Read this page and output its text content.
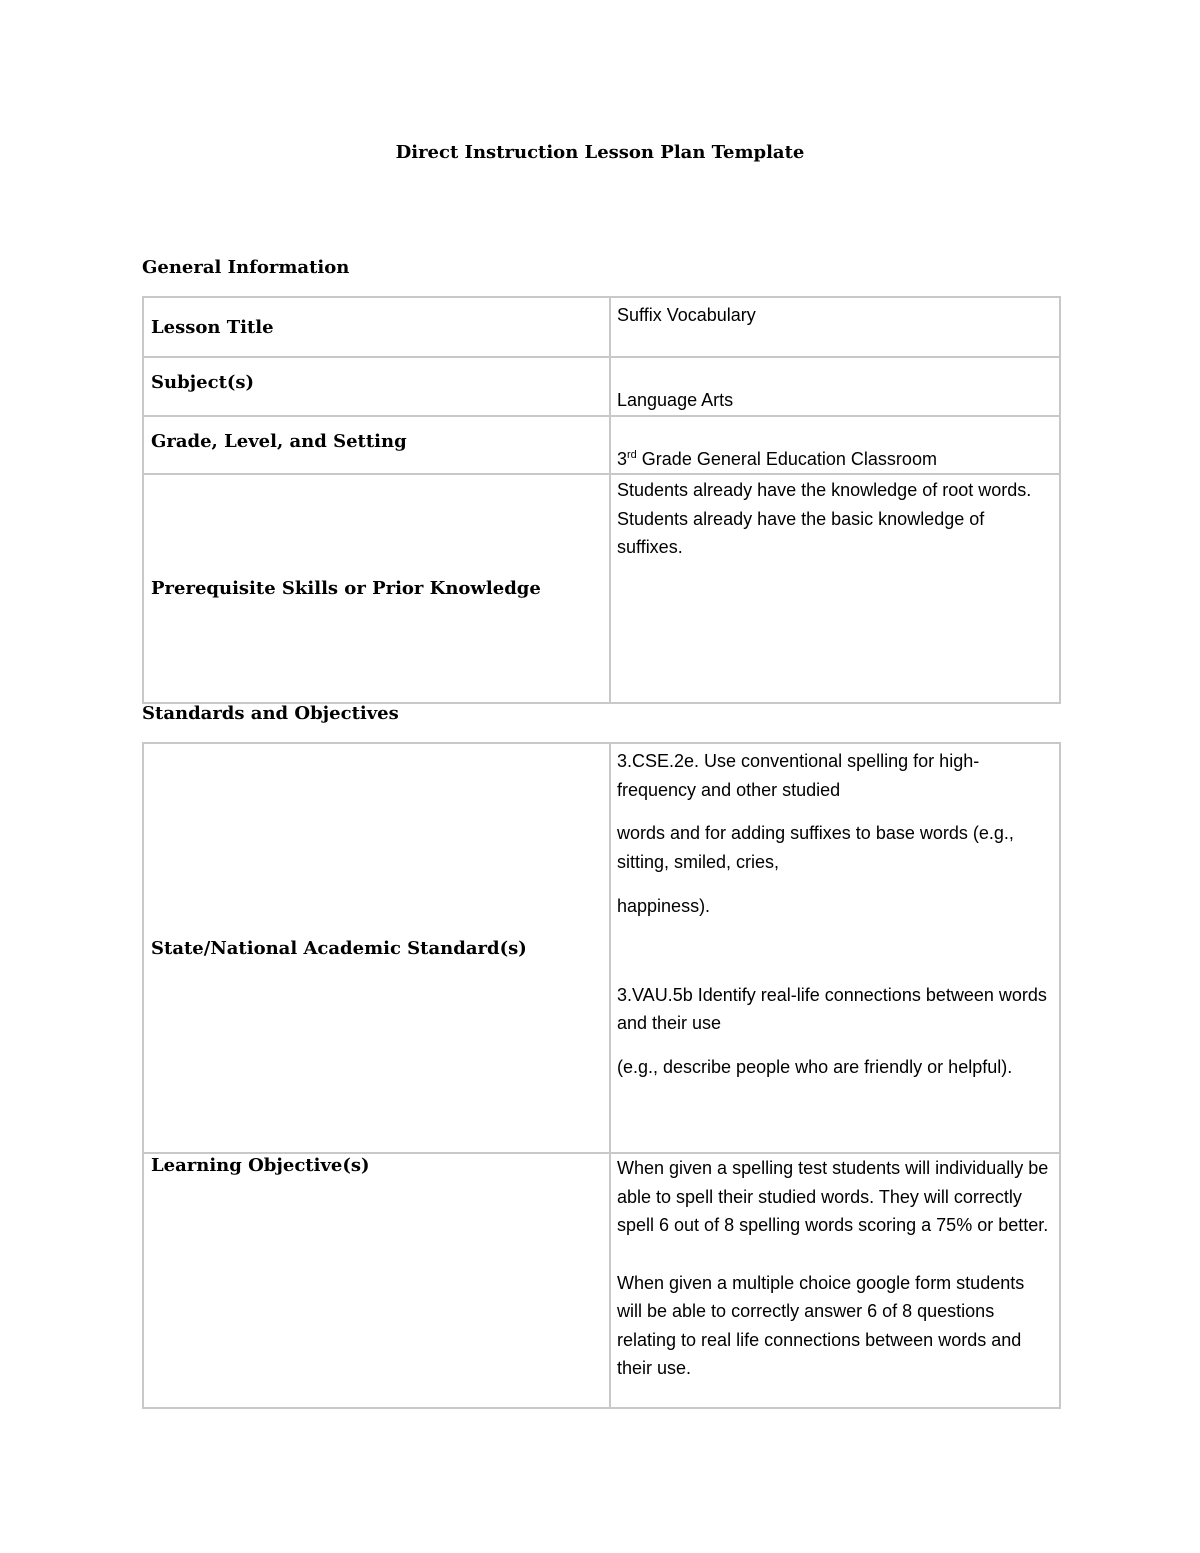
Direct Instruction Lesson Plan Template
General Information
Lesson Title	Suffix Vocabulary

Subject(s)	Language Arts

Grade, Level, and Setting	3rd Grade General Education Classroom

Prerequisite Skills or Prior Knowledge	Students already have the knowledge of root words.

Students already have the basic knowledge of suffixes.

Standards and Objectives
State/National Academic Standard(s)	3.CSE.2e. Use conventional spelling for high-frequency and other studied

words and for adding suffixes to base words (e.g., sitting, smiled, cries,

happiness).

3.VAU.5b Identify real-life connections between words and their use

(e.g., describe people who are friendly or helpful).

Learning Objective(s)	When given a spelling test students will individually be able to spell their studied words. They will correctly spell 6 out of 8 spelling words scoring a 75% or better.

When given a multiple choice google form students will be able to correctly answer 6 of 8 questions relating to real life connections between words and their use.
